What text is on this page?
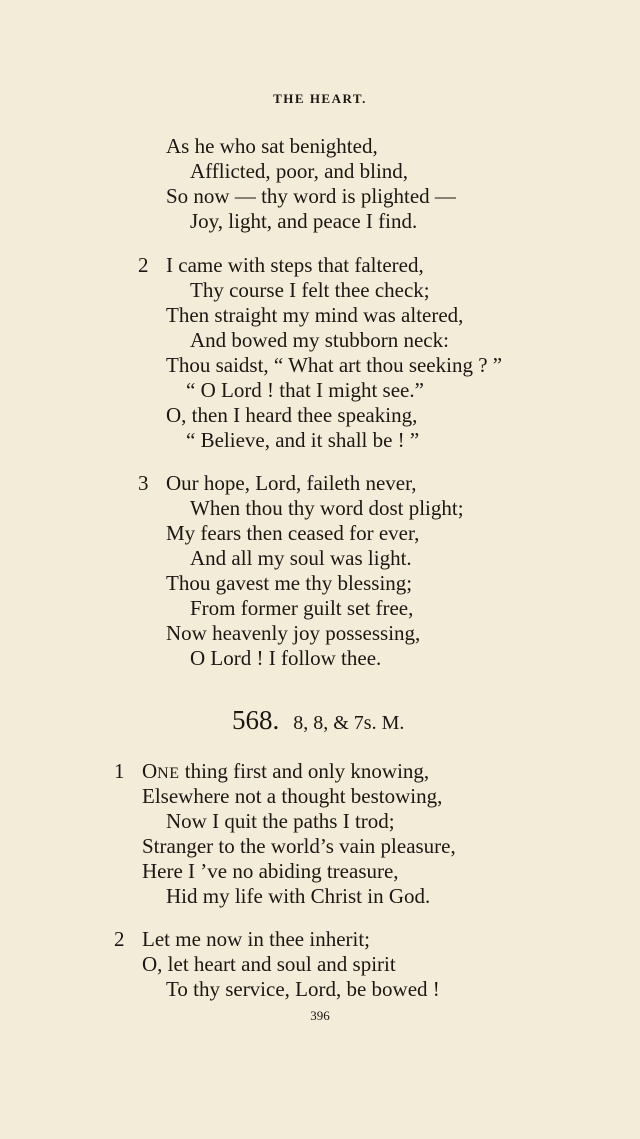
THE HEART.
As he who sat benighted,
Afflicted, poor, and blind,
So now — thy word is plighted —
Joy, light, and peace I find.
2 I came with steps that faltered,
Thy course I felt thee check;
Then straight my mind was altered,
And bowed my stubborn neck:
Thou saidst, “ What art thou seeking ? ”
“ O Lord ! that I might see.”
O, then I heard thee speaking,
“ Believe, and it shall be ! ”
3 Our hope, Lord, faileth never,
When thou thy word dost plight;
My fears then ceased for ever,
And all my soul was light.
Thou gavest me thy blessing;
From former guilt set free,
Now heavenly joy possessing,
O Lord ! I follow thee.
568. 8, 8, & 7s. M.
1 ONE thing first and only knowing,
Elsewhere not a thought bestowing,
Now I quit the paths I trod;
Stranger to the world’s vain pleasure,
Here I ’ve no abiding treasure,
Hid my life with Christ in God.
2 Let me now in thee inherit;
O, let heart and soul and spirit
To thy service, Lord, be bowed !
396
